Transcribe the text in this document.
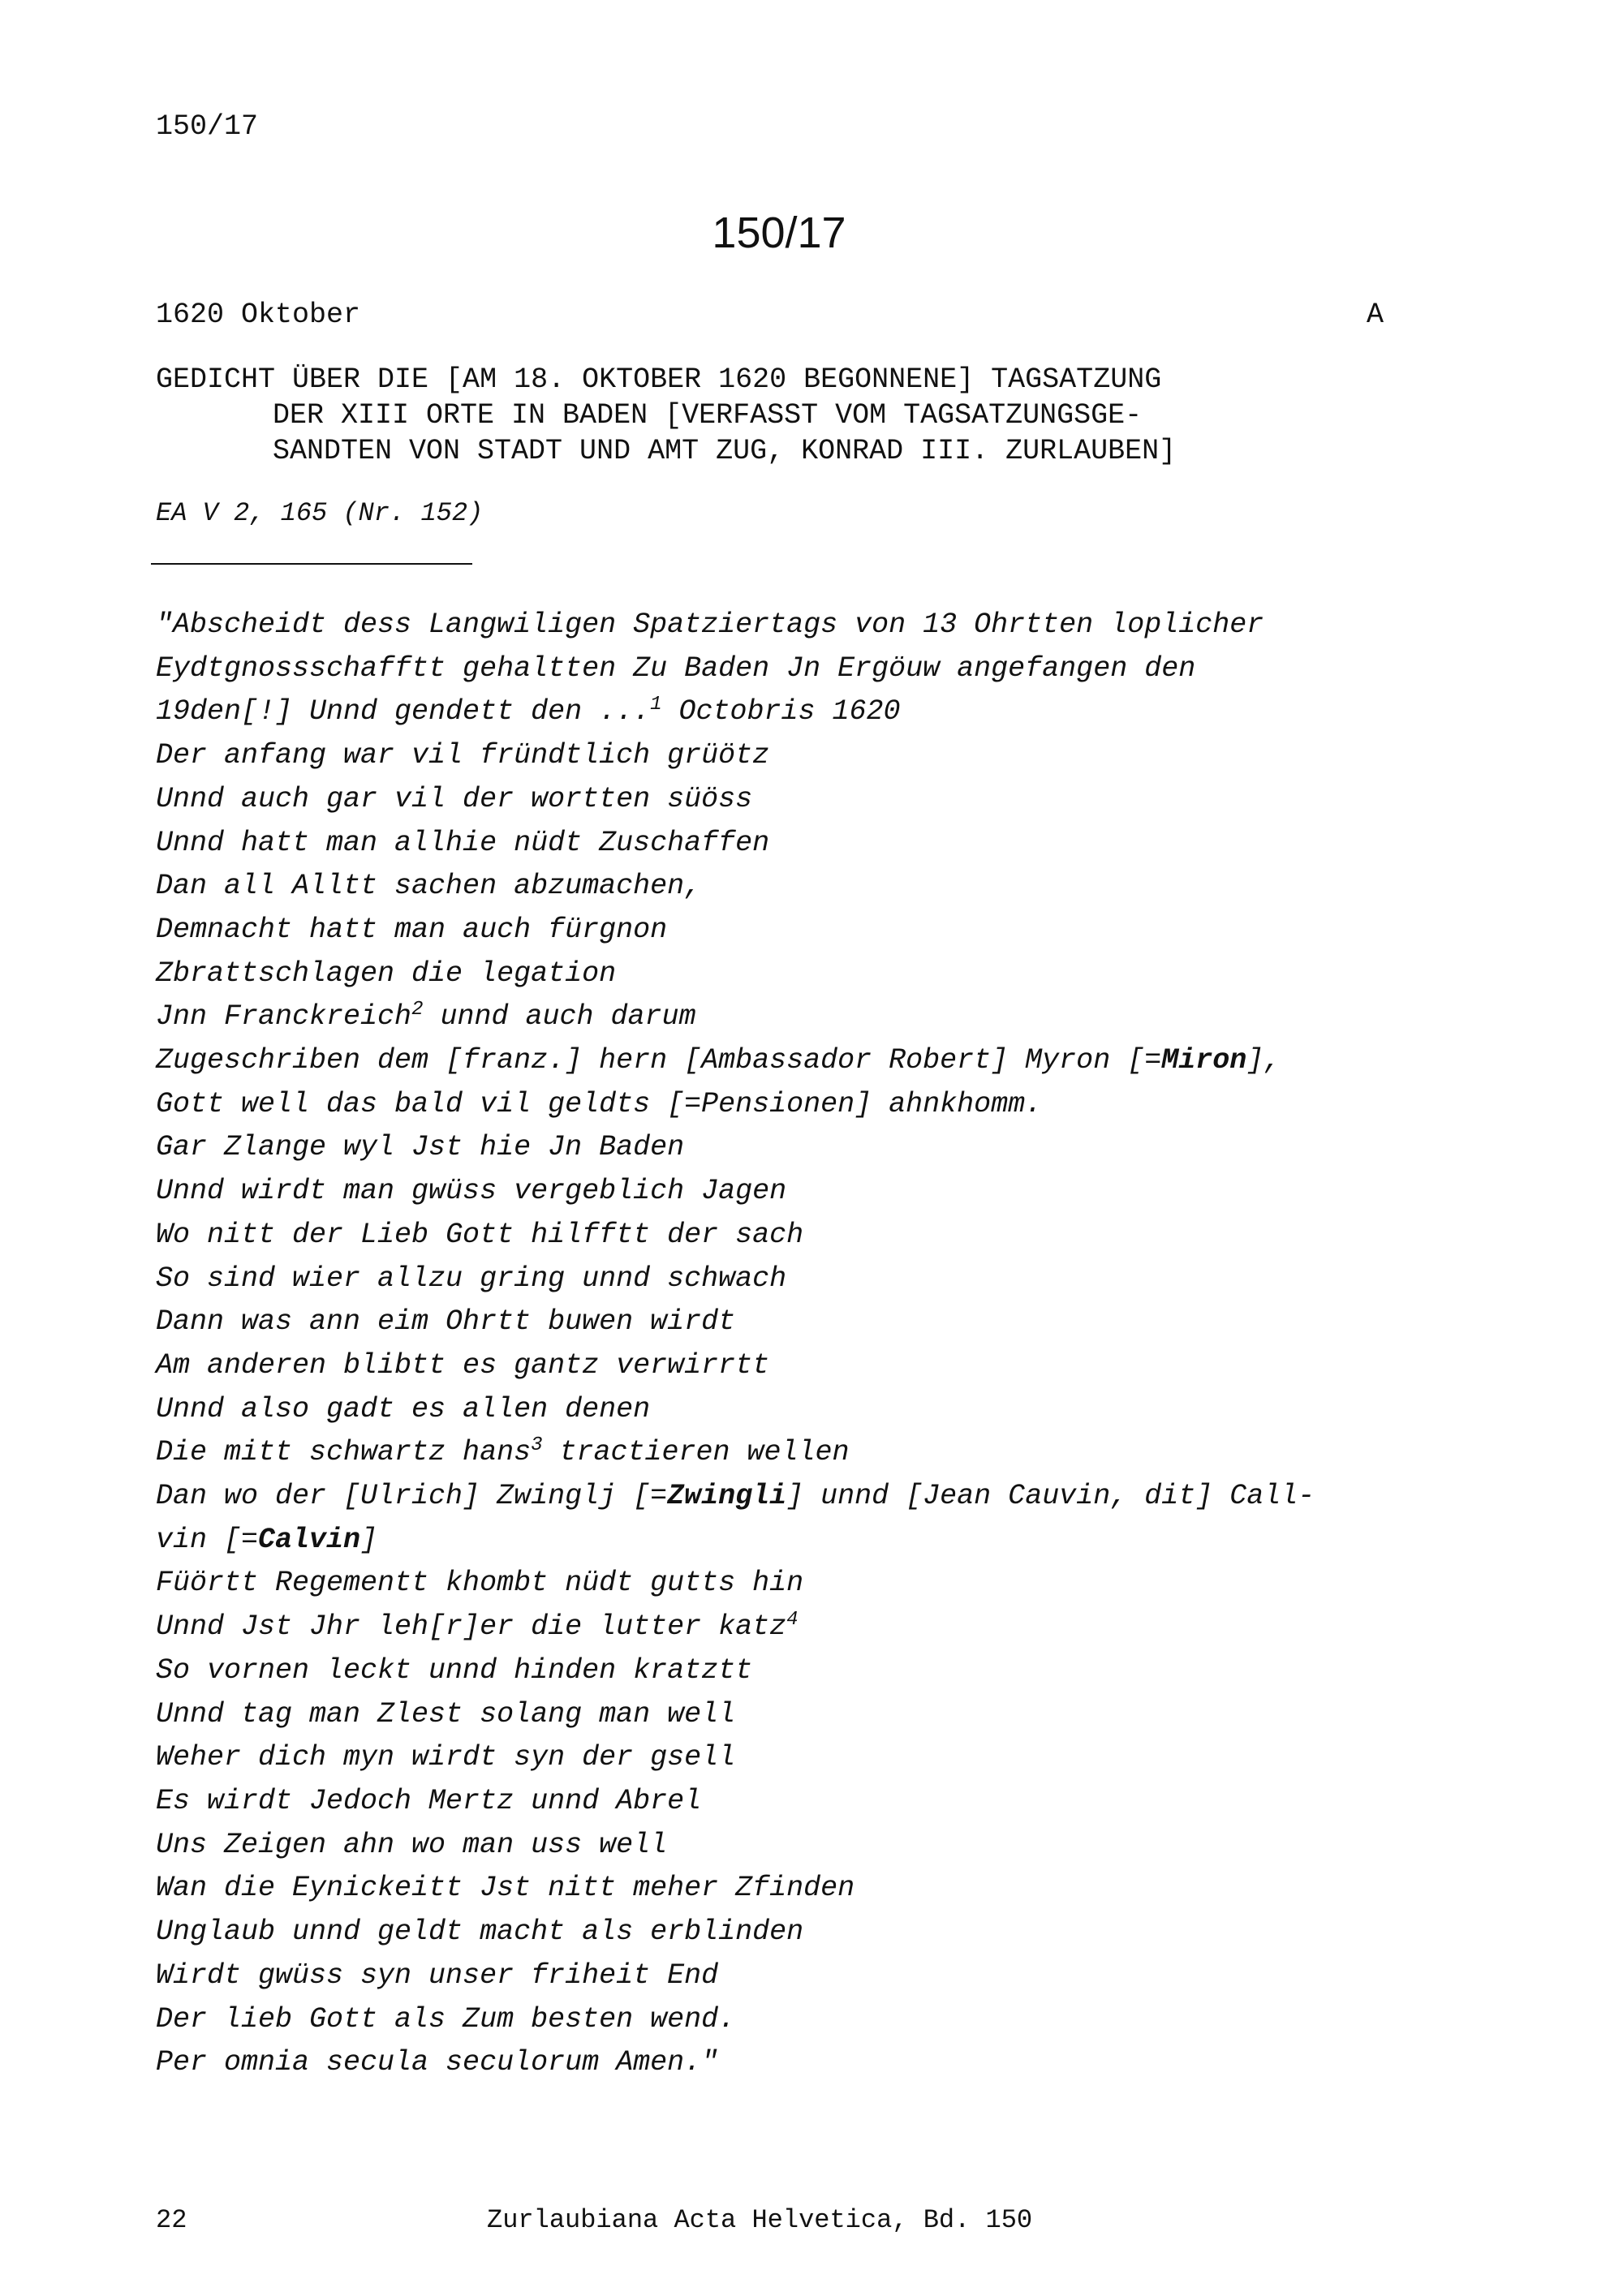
150/17
150/17
1620 Oktober	A
GEDICHT ÜBER DIE [AM 18. OKTOBER 1620 BEGONNENE] TAGSATZUNG
DER XIII ORTE IN BADEN [VERFASST VOM TAGSATZUNGSGE-
SANDTEN VON STADT UND AMT ZUG, KONRAD III. ZURLAUBEN]
EA V 2, 165 (Nr. 152)
"Abscheidt dess Langwiligen Spatziertags von 13 Ohrtten loplicher
Eydtgnossschafftt gehaltten Zu Baden Jn Ergöuw angefangen den
19den[!] Unnd gendett den ...$^1$ Octobris 1620
Der anfang war vil fründtlich grüötz
Unnd auch gar vil der wortten süöss
Unnd hatt man allhie nüdt Zuschaffen
Dan all Alltt sachen abzumachen,
Demnacht hatt man auch fürgnon
Zbrattschlagen die legation
Jnn Franckreich$^2$ unnd auch darum
Zugeschriben dem [franz.] hern [Ambassador Robert] Myron [=Miron],
Gott well das bald vil geldts [=Pensionen] ahnkhomm.
Gar Zlange wyl Jst hie Jn Baden
Unnd wirdt man gwüss vergeblich Jagen
Wo nitt der Lieb Gott hilfftt der sach
So sind wier allzu gring unnd schwach
Dann was ann eim Ohrtt buwen wirdt
Am anderen blibtt es gantz verwirrtt
Unnd also gadt es allen denen
Die mitt schwartz hans$^3$ tractieren wellen
Dan wo der [Ulrich] Zwinglj [=Zwingli] unnd [Jean Cauvin, dit] Call-
vin [=Calvin]
Füörtt Regementt khombt nüdt gutts hin
Unnd Jst Jhr leh[r]er die lutter katz$^4$
So vornen leckt unnd hinden kratztt
Unnd tag man Zlest solang man well
Weher dich myn wirdt syn der gsell
Es wirdt Jedoch Mertz unnd Abrel
Uns Zeigen ahn wo man uss well
Wan die Eynickeitt Jst nitt meher Zfinden
Unglaub unnd geldt macht als erblinden
Wirdt gwüss syn unser friheit End
Der lieb Gott als Zum besten wend.
Per omnia secula seculorum Amen."
22	Zurlaubiana Acta Helvetica, Bd. 150
